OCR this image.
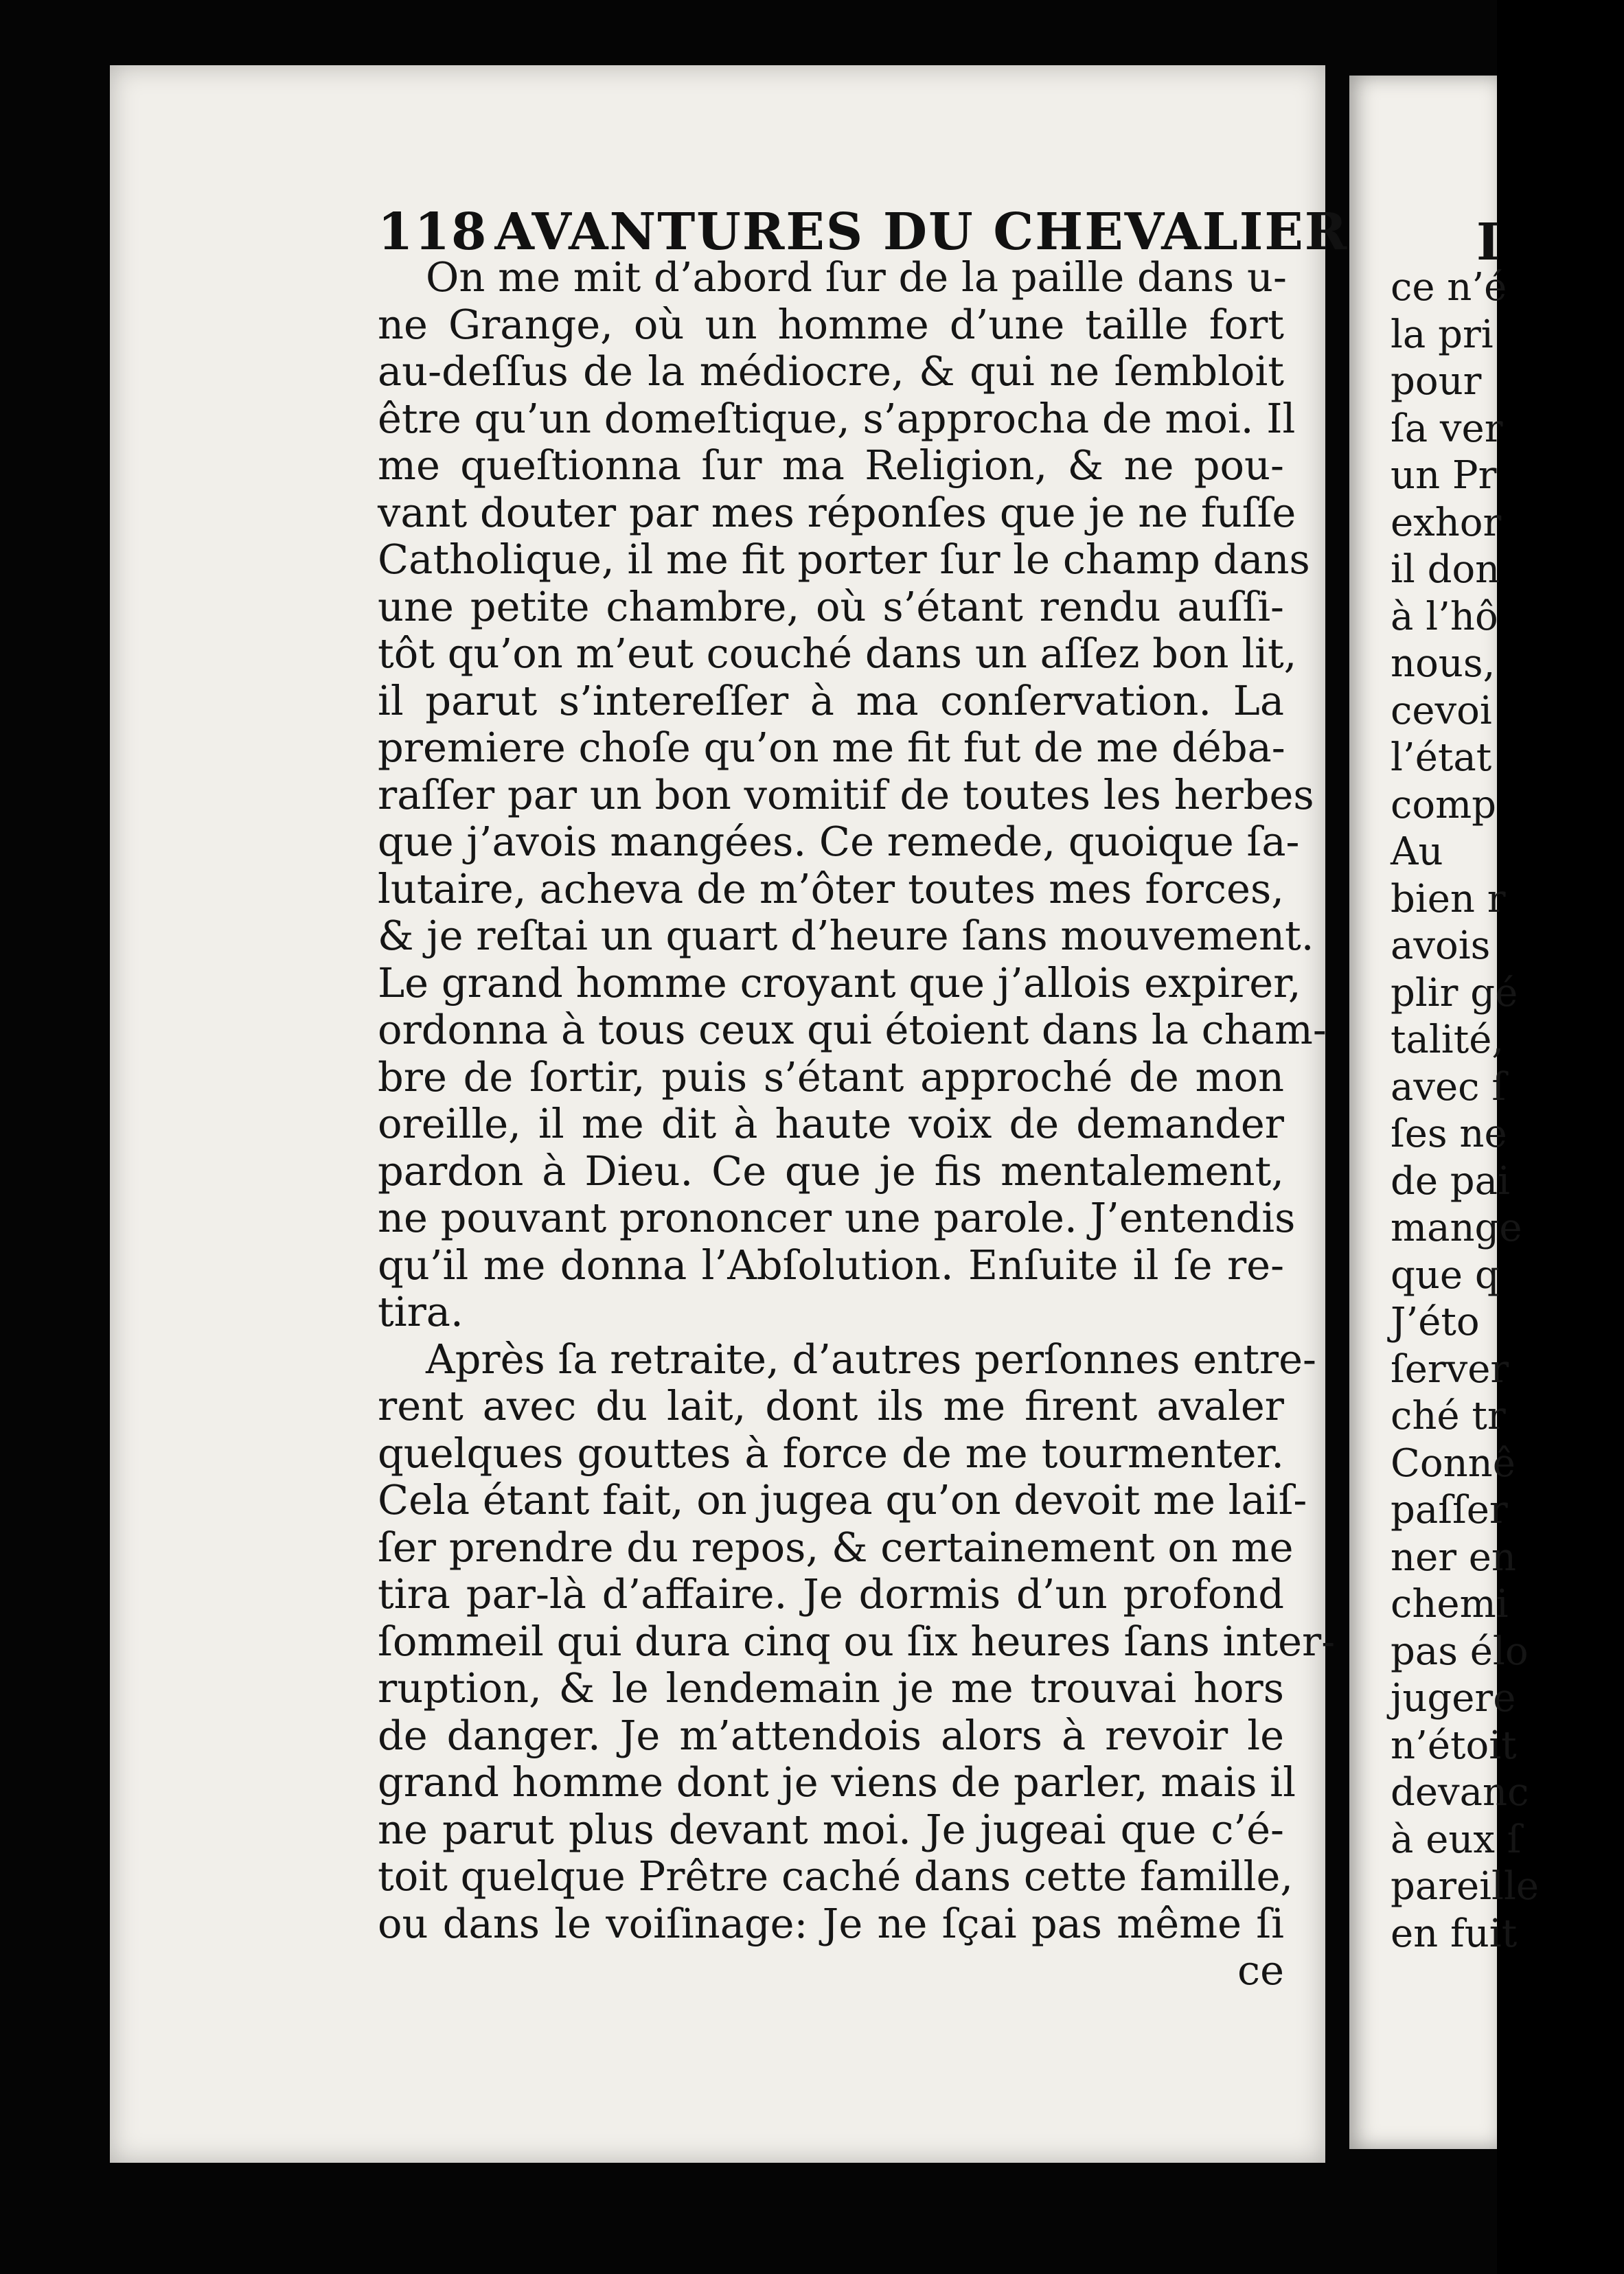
118 AVANTURES DU CHEVALIER
On me mit d’abord ſur de la paille dans u-
ne Grange, où un homme d’une taille fort
au-deſſus de la médiocre, & qui ne ſembloit
être qu’un domeſtique, s’approcha de moi. Il
me queſtionna ſur ma Religion, & ne pou-
vant douter par mes réponſes que je ne fuſſe
Catholique, il me fit porter ſur le champ dans
une petite chambre, où s’étant rendu auſſi-
tôt qu’on m’eut couché dans un aſſez bon lit,
il parut s’intereſſer à ma conſervation. La
premiere choſe qu’on me fit fut de me déba-
raſſer par un bon vomitif de toutes les herbes
que j’avois mangées. Ce remede, quoique ſa-
lutaire, acheva de m’ôter toutes mes forces,
& je reſtai un quart d’heure ſans mouvement.
Le grand homme croyant que j’allois expirer,
ordonna à tous ceux qui étoient dans la cham-
bre de ſortir, puis s’étant approché de mon
oreille, il me dit à haute voix de demander
pardon à Dieu. Ce que je fis mentalement,
ne pouvant prononcer une parole. J’entendis
qu’il me donna l’Abſolution. Enſuite il ſe re-
tira.
Après ſa retraite, d’autres perſonnes entre-
rent avec du lait, dont ils me firent avaler
quelques gouttes à force de me tourmenter.
Cela étant fait, on jugea qu’on devoit me laiſ-
ſer prendre du repos, & certainement on me
tira par-là d’affaire. Je dormis d’un profond
ſommeil qui dura cinq ou ſix heures ſans inter-
ruption, & le lendemain je me trouvai hors
de danger. Je m’attendois alors à revoir le
grand homme dont je viens de parler, mais il
ne parut plus devant moi. Je jugeai que c’é-
toit quelque Prêtre caché dans cette famille,
ou dans le voiſinage: Je ne ſçai pas même ſi
ce
I
ce n’é
la pri
pour
ſa ver
un Pr
exhor
il don
à l’hô
nous,
cevoi
l’état
comp
Au
bien r
avois
plir gé
talité,
avec ſ
ſes ne
de pai
mange
que q
J’éto
ſerver
ché tr
Connê
paſſer
ner en
chemi
pas élo
jugere
n’étoit
devanc
à eux ſ
pareille
en fuit
